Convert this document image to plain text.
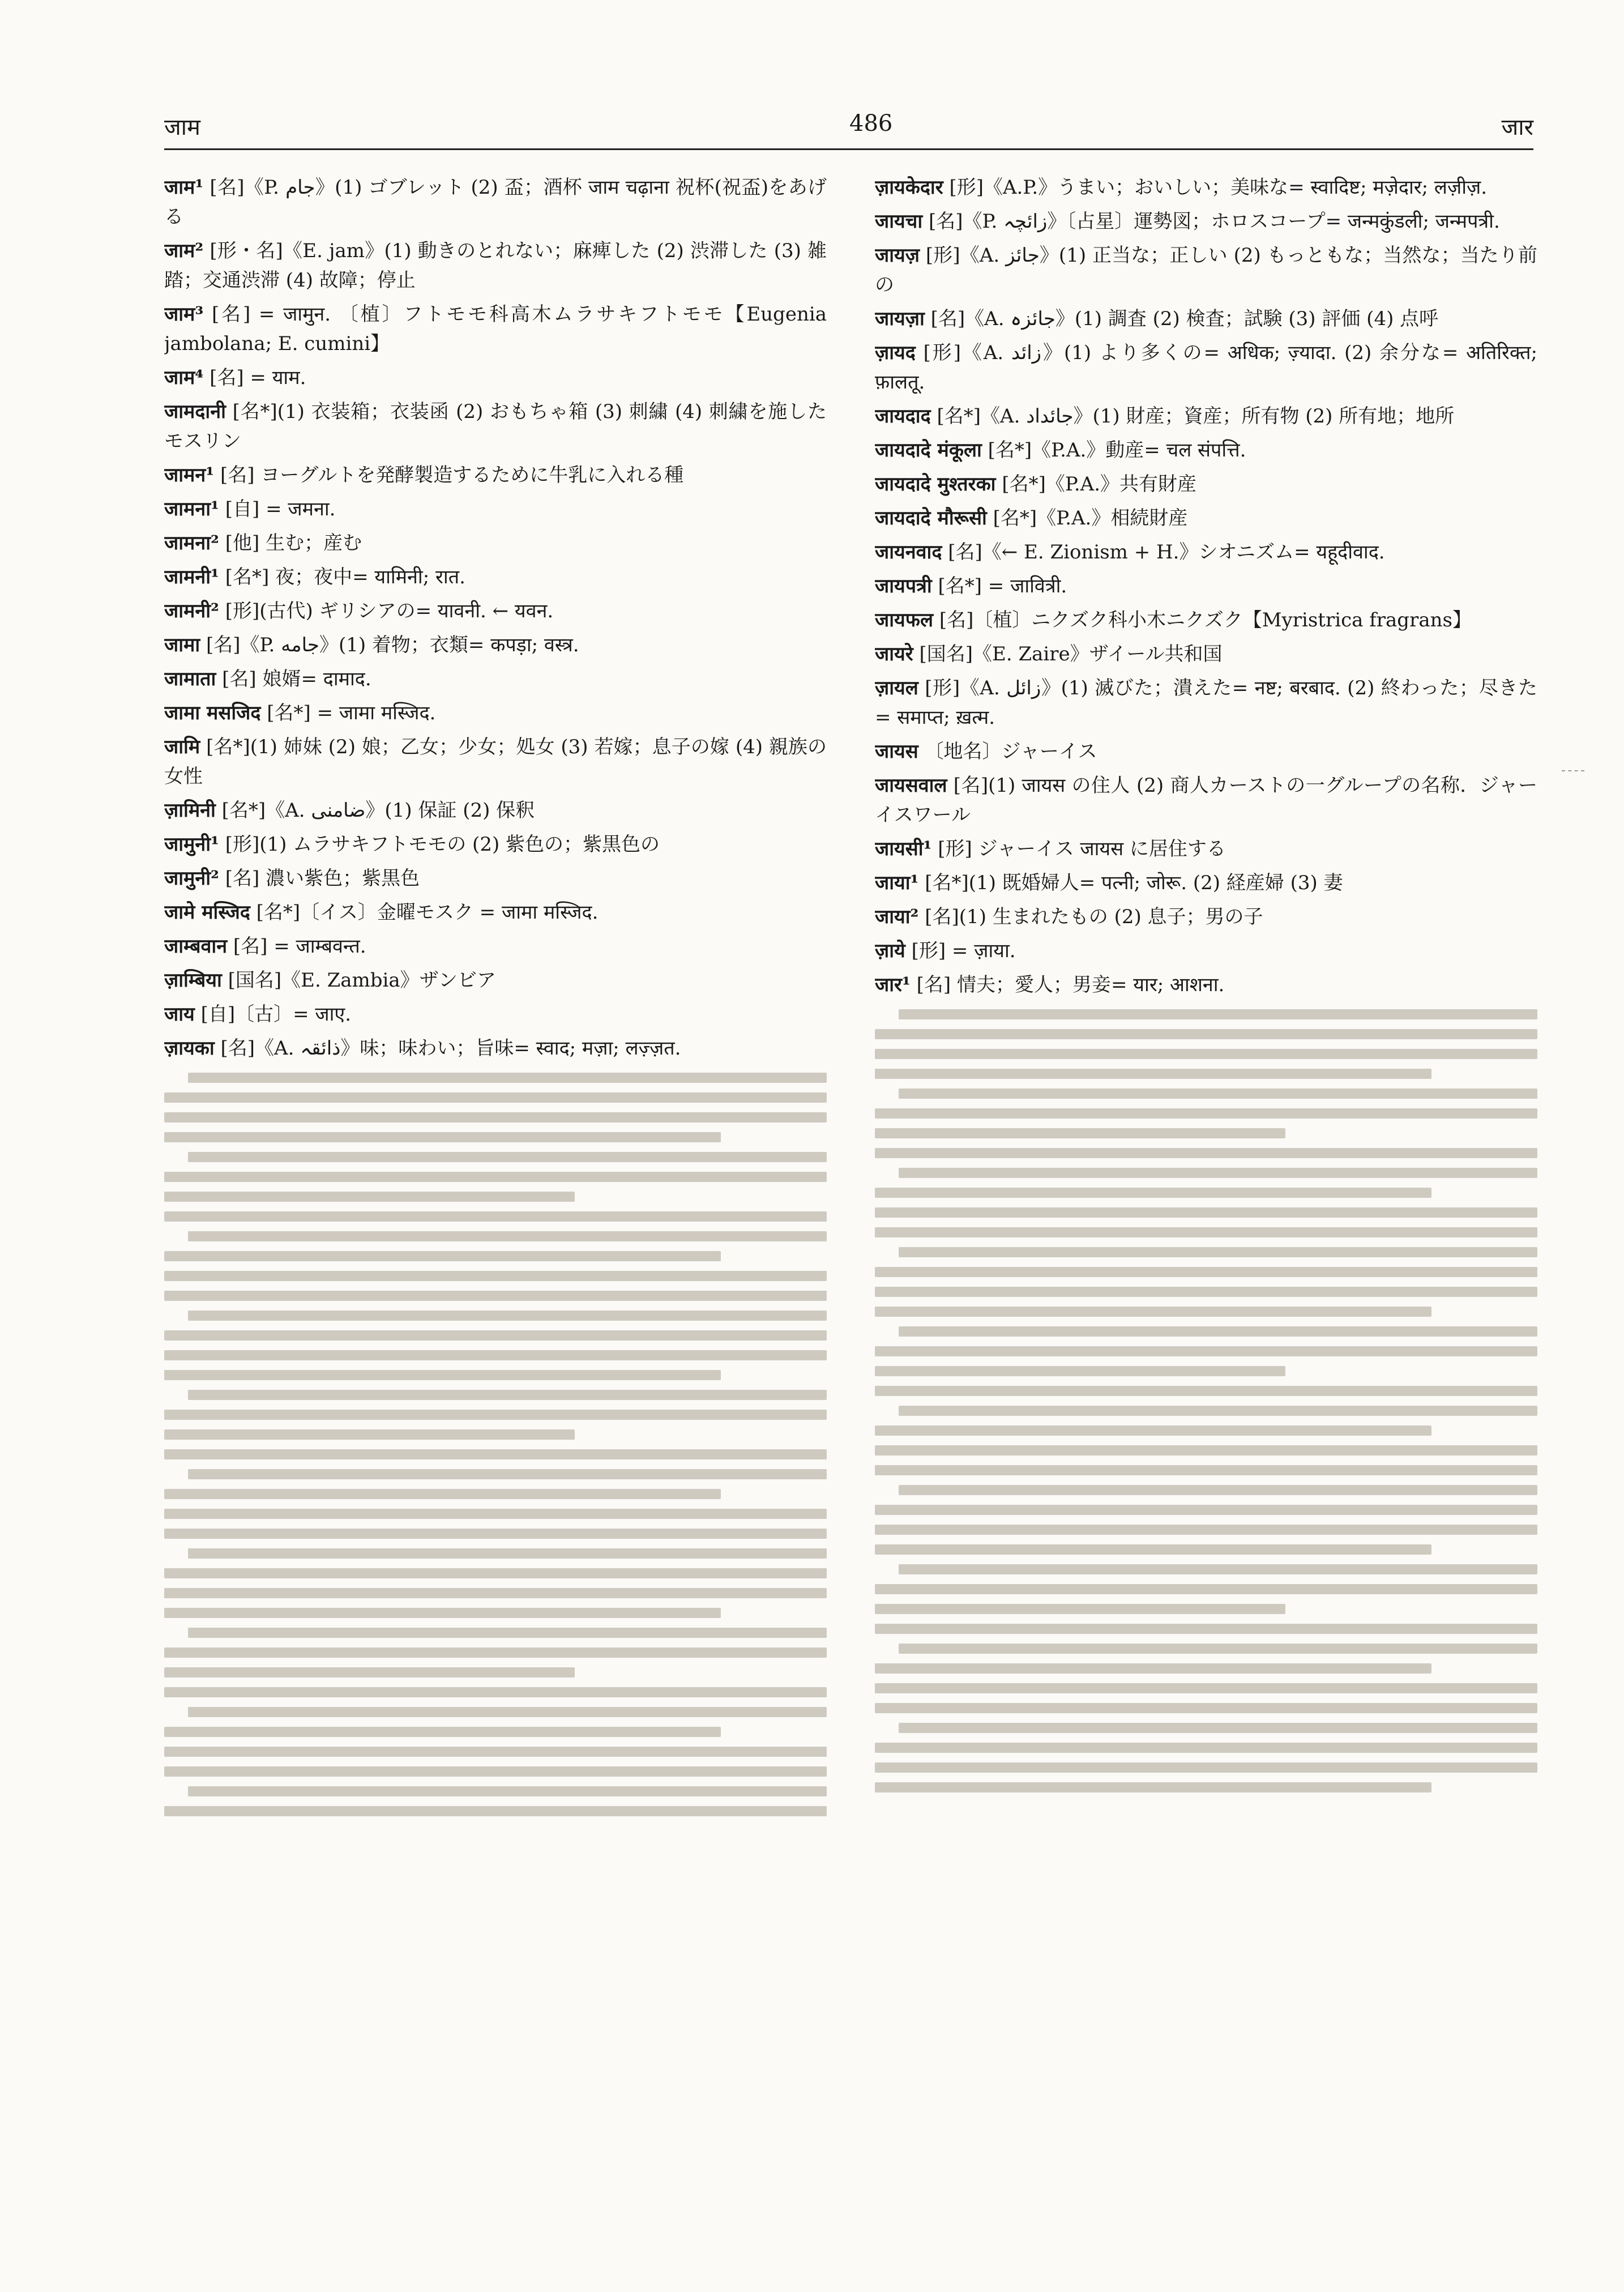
जाम	486	जार

जाम¹ [名]《P. جام》(1) ゴブレット (2) 盃；酒杯 जाम चढ़ाना 祝杯(祝盃)をあげる

जाम² [形・名]《E. jam》(1) 動きのとれない；麻痺した (2) 渋滞した (3) 雑踏；交通渋滞 (4) 故障；停止

जाम³ [名] = जामुन. 〔植〕フトモモ科高木ムラサキフトモモ【Eugenia jambolana; E. cumini】

जाम⁴ [名] = याम.

जामदानी [名*](1) 衣装箱；衣装函 (2) おもちゃ箱 (3) 刺繍 (4) 刺繍を施したモスリン

जामन¹ [名] ヨーグルトを発酵製造するために牛乳に入れる種

जामना¹ [自] = जमना.

जामना² [他] 生む；産む

जामनी¹ [名*] 夜；夜中= यामिनी; रात.

जामनी² [形](古代) ギリシアの= यावनी. ← यवन.

जामा [名]《P. جامه》(1) 着物；衣類= कपड़ा; वस्त्र.

जामाता [名] 娘婿= दामाद.

जामा मसजिद [名*] = जामा मस्जिद.

जामि [名*](1) 姉妹 (2) 娘；乙女；少女；処女 (3) 若嫁；息子の嫁 (4) 親族の女性

ज़ामिनी [名*]《A. ضامنی》(1) 保証 (2) 保釈

जामुनी¹ [形](1) ムラサキフトモモの (2) 紫色の；紫黒色の

जामुनी² [名] 濃い紫色；紫黒色

जामे मस्जिद [名*]〔イス〕金曜モスク = जामा मस्जिद.

जाम्बवान [名] = जाम्बवन्त.

ज़ाम्बिया [国名]《E. Zambia》ザンビア

जाय [自]〔古〕= जाए.

ज़ायका [名]《A. ذائقہ》味；味わい；旨味= स्वाद; मज़ा; लज़्ज़त.

ज़ायकेदार [形]《A.P.》うまい；おいしい；美味な= स्वादिष्ट; मज़ेदार; लज़ीज़.

जायचा [名]《P. زائچہ》〔占星〕運勢図；ホロスコープ= जन्मकुंडली; जन्मपत्री.

जायज़ [形]《A. جائز》(1) 正当な；正しい (2) もっともな；当然な；当たり前の

जायज़ा [名]《A. جائزہ》(1) 調査 (2) 検査；試験 (3) 評価 (4) 点呼

ज़ायद [形]《A. زائد》(1) より多くの= अधिक; ज़्यादा. (2) 余分な= अतिरिक्त; फ़ालतू.

जायदाद [名*]《A. جائداد》(1) 財産；資産；所有物 (2) 所有地；地所

जायदादे मंकूला [名*]《P.A.》動産= चल संपत्ति.

जायदादे मुश्तरका [名*]《P.A.》共有財産

जायदादे मौरूसी [名*]《P.A.》相続財産

जायनवाद [名]《← E. Zionism + H.》シオニズム= यहूदीवाद.

जायपत्री [名*] = जावित्री.

जायफल [名]〔植〕ニクズク科小木ニクズク【Myristrica fragrans】

जायरे [国名]《E. Zaire》ザイール共和国

ज़ायल [形]《A. زائل》(1) 滅びた；潰えた= नष्ट; बरबाद. (2) 終わった；尽きた= समाप्त; ख़त्म.

जायस 〔地名〕ジャーイス

जायसवाल [名](1) जायस の住人 (2) 商人カーストの一グループの名称．ジャーイスワール

जायसी¹ [形] ジャーイス जायस に居住する

जाया¹ [名*](1) 既婚婦人= पत्नी; जोरू. (2) 経産婦 (3) 妻

जाया² [名](1) 生まれたもの (2) 息子；男の子

ज़ाये [形] = ज़ाया.

जार¹ [名] 情夫；愛人；男妾= यार; आशना.
